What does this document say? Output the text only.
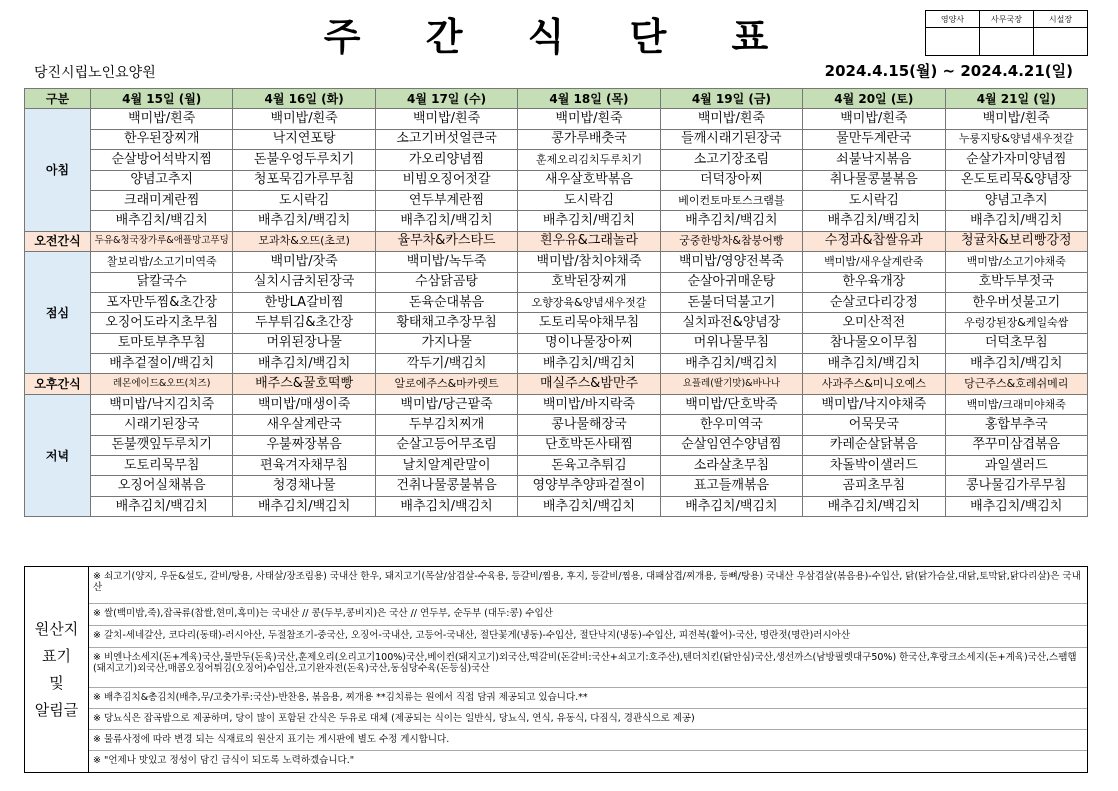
주 간 식 단 표	영양사	사무국장	시설장

당진시립노인요양원	2024.4.15(월) ~ 2024.4.21(일)
구분	4월 15일 (월)	4월 16일 (화)	4월 17일 (수)	4월 18일 (목)	4월 19일 (금)	4월 20일 (토)	4월 21일 (일)
아침	백미밥/흰죽	백미밥/흰죽	백미밥/흰죽	백미밥/흰죽	백미밥/흰죽	백미밥/흰죽	백미밥/흰죽
	한우된장찌개	낙지연포탕	소고기버섯얼큰국	콩가루배춧국	들깨시래기된장국	물만두계란국	누룽지탕&양념새우젓갈
	순살방어석박지찜	돈불우엉두루치기	가오리양념찜	훈제오리김치두루치기	소고기장조림	쇠불낙지볶음	순살가자미양념찜
	양념고추지	청포묵김가루무침	비빔오징어젓갈	새우살호박볶음	더덕장아찌	취나물콩불볶음	온도토리묵&양념장
	크래미계란찜	도시락김	연두부계란찜	도시락김	베이컨토마토스크램블	도시락김	양념고추지
	배추김치/백김치	배추김치/백김치	배추김치/백김치	배추김치/백김치	배추김치/백김치	배추김치/백김치	배추김치/백김치
오전간식	두유&청국장가루&애플망고푸딩	모과차&오뜨(초코)	율무차&카스타드	흰우유&그래놀라	궁중한방차&참붕어빵	수정과&찹쌀유과	청귤차&보리빵강정
점심	찰보리밥/소고기미역죽	백미밥/잣죽	백미밥/녹두죽	백미밥/참치야채죽	백미밥/영양전복죽	백미밥/새우살계란죽	백미밥/소고기야채죽
	닭칼국수	실치시금치된장국	수삼닭곰탕	호박된장찌개	순살아귀매운탕	한우육개장	호박두부젓국
	포자만두찜&초간장	한방LA갈비찜	돈육순대볶음	오향장육&양념새우젓갈	돈불더덕불고기	순살코다리강정	한우버섯불고기
	오징어도라지초무침	두부튀김&초간장	황태채고추장무침	도토리묵야채무침	실치파전&양념장	오미산적전	우렁강된장&케일숙쌈
	토마토부추무침	머위된장나물	가지나물	명이나물장아찌	머위나물무침	참나물오이무침	더덕초무침
	배추겉절이/백김치	배추김치/백김치	깍두기/백김치	배추김치/백김치	배추김치/백김치	배추김치/백김치	배추김치/백김치
오후간식	레몬에이드&오뜨(치즈)	배주스&꿀호떡빵	알로에주스&마카렛트	매실주스&밤만주	요플레(딸기맛)&바나나	사과주스&미니오예스	당근주스&호레쉬메리
저녁	백미밥/낙지김치죽	백미밥/매생이죽	백미밥/당근팥죽	백미밥/바지락죽	백미밥/단호박죽	백미밥/낙지야채죽	백미밥/크래미야채죽
	시래기된장국	새우살계란국	두부김치찌개	콩나물해장국	한우미역국	어묵뭇국	홍합부추국
	돈불깻잎두루치기	우불짜장볶음	순살고등어무조림	단호박돈사태찜	순살임연수양념찜	카레순살닭볶음	쭈꾸미삼겹볶음
	도토리묵무침	편육겨자채무침	날치알계란말이	돈육고추튀김	소라살초무침	차돌박이샐러드	과일샐러드
	오징어실채볶음	청경채나물	건취나물콩불볶음	영양부추양파겉절이	표고들깨볶음	곰피초무침	콩나물김가루무침
	배추김치/백김치	배추김치/백김치	배추김치/백김치	배추김치/백김치	배추김치/백김치	배추김치/백김치	배추김치/백김치
원산지
표기
및
알림글
※ 쇠고기(양지, 우둔&설도, 갈비/탕용, 사태살/장조림용) 국내산 한우, 돼지고기(목살/삼겹살-수육용, 등갈비/찜용, 후지, 등갈비/찜용, 대패삼겹/찌개용, 등뼈/탕용) 국내산 우삼겹살(볶음용)-수입산, 닭(닭가슴살,대닭,토막닭,닭다리살)은 국내산
※ 쌀(백미밥,죽),잡곡류(찹쌀,현미,흑미)는 국내산 // 콩(두부,콩비지)은 국산 // 연두부, 순두부 (대두:콩) 수입산
※ 갈치-세네갈산, 코다리(동태)-러시아산, 두절참조기-중국산, 오징어-국내산, 고등어-국내산, 절단꽃게(냉동)-수입산, 절단낙지(냉동)-수입산, 피전복(활어)-국산, 명란젓(명란)러시아산
※ 비엔나소세지(돈+계육)국산,물만두(돈육)국산,훈제오리(오리고기100%)국산,베이컨(돼지고기)외국산,떡갈비(돈갈비:국산+쇠고기:호주산),텐더치킨(닭안심)국산,생선까스(남방필렛대구50%) 한국산,후랑크소세지(돈+계육)국산,스팸햄(돼지고기)외국산,매콤오징어튀김(오징어)수입산,고기완자전(돈육)국산,동심당수육(돈등심)국산
※ 배추김치&총김치(배추,무/고춧가루:국산)-반찬용, 볶음용, 찌개용 **김치류는 원에서 직접 담궈 제공되고 있습니다.**
※ 당뇨식은 잡곡밥으로 제공하며, 당이 많이 포함된 간식은 두유로 대체 (제공되는 식이는 일반식, 당뇨식, 연식, 유동식, 다짐식, 경관식으로 제공)
※ 물류사정에 따라 변경 되는 식재료의 원산지 표기는 게시판에 별도 수정 게시합니다.
※ "언제나 맛있고 정성이 담긴 급식이 되도록 노력하겠습니다."
